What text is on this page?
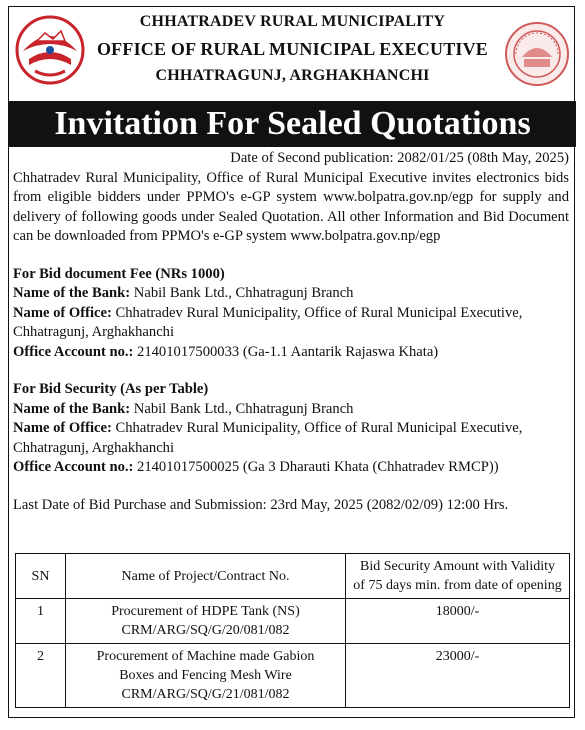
CHHATRADEV RURAL MUNICIPALITY
OFFICE OF RURAL MUNICIPAL EXECUTIVE
CHHATRAGUNJ, ARGHAKHANCHI
Invitation For Sealed Quotations

Date of Second publication: 2082/01/25 (08th May, 2025)

Chhatradev Rural Municipality, Office of Rural Municipal Executive invites electronics bids from eligible bidders under PPMO's e-GP system www.bolpatra.gov.np/egp for supply and delivery of following goods under Sealed Quotation. All other Information and Bid Document can be downloaded from PPMO's e-GP system www.bolpatra.gov.np/egp

For Bid document Fee (NRs 1000)

Name of the Bank: Nabil Bank Ltd., Chhatragunj Branch

Name of Office: Chhatradev Rural Municipality, Office of Rural Municipal Executive, Chhatragunj, Arghakhanchi

Office Account no.: 21401017500033 (Ga-1.1 Aantarik Rajaswa Khata)

For Bid Security (As per Table)

Name of the Bank: Nabil Bank Ltd., Chhatragunj Branch

Name of Office: Chhatradev Rural Municipality, Office of Rural Municipal Executive, Chhatragunj, Arghakhanchi

Office Account no.: 21401017500025 (Ga 3 Dharauti Khata (Chhatradev RMCP))

Last Date of Bid Purchase and Submission: 23rd May, 2025 (2082/02/09) 12:00 Hrs.

SN	Name of Project/Contract No.	Bid Security Amount with Validity
of 75 days min. from date of opening

1	Procurement of HDPE Tank (NS)
CRM/ARG/SQ/G/20/081/082	18000/-
2	Procurement of Machine made Gabion
Boxes and Fencing Mesh Wire
CRM/ARG/SQ/G/21/081/082	23000/-
